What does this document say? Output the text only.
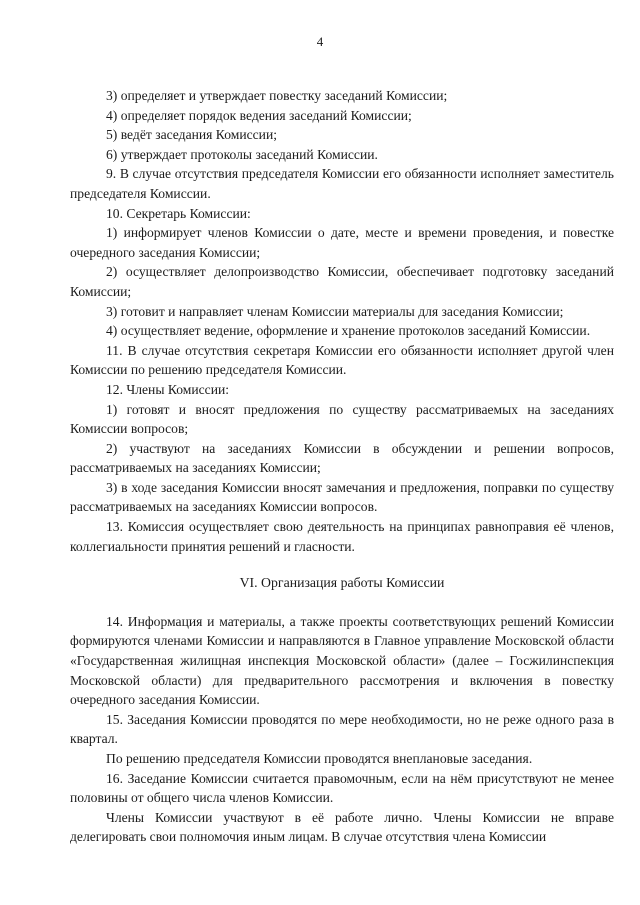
4

3) определяет и утверждает повестку заседаний Комиссии;

4) определяет порядок ведения заседаний Комиссии;

5) ведёт заседания Комиссии;

6) утверждает протоколы заседаний Комиссии.

9. В случае отсутствия председателя Комиссии его обязанности исполняет заместитель председателя Комиссии.

10. Секретарь Комиссии:

1) информирует членов Комиссии о дате, месте и времени проведения, и повестке очередного заседания Комиссии;

2) осуществляет делопроизводство Комиссии, обеспечивает подготовку заседаний Комиссии;

3) готовит и направляет членам Комиссии материалы для заседания Комиссии;

4) осуществляет ведение, оформление и хранение протоколов заседаний Комиссии.

11. В случае отсутствия секретаря Комиссии его обязанности исполняет другой член Комиссии по решению председателя Комиссии.

12. Члены Комиссии:

1) готовят и вносят предложения по существу рассматриваемых на заседаниях Комиссии вопросов;

2) участвуют на заседаниях Комиссии в обсуждении и решении вопросов, рассматриваемых на заседаниях Комиссии;

3) в ходе заседания Комиссии вносят замечания и предложения, поправки по существу рассматриваемых на заседаниях Комиссии вопросов.

13. Комиссия осуществляет свою деятельность на принципах равноправия её членов, коллегиальности принятия решений и гласности.

VI. Организация работы Комиссии

14. Информация и материалы, а также проекты соответствующих решений Комиссии формируются членами Комиссии и направляются в Главное управление Московской области «Государственная жилищная инспекция Московской области» (далее – Госжилинспекция Московской области) для предварительного рассмотрения и включения в повестку очередного заседания Комиссии.

15. Заседания Комиссии проводятся по мере необходимости, но не реже одного раза в квартал.

По решению председателя Комиссии проводятся внеплановые заседания.

16. Заседание Комиссии считается правомочным, если на нём присутствуют не менее половины от общего числа членов Комиссии.

Члены Комиссии участвуют в её работе лично. Члены Комиссии не вправе делегировать свои полномочия иным лицам. В случае отсутствия члена Комиссии
